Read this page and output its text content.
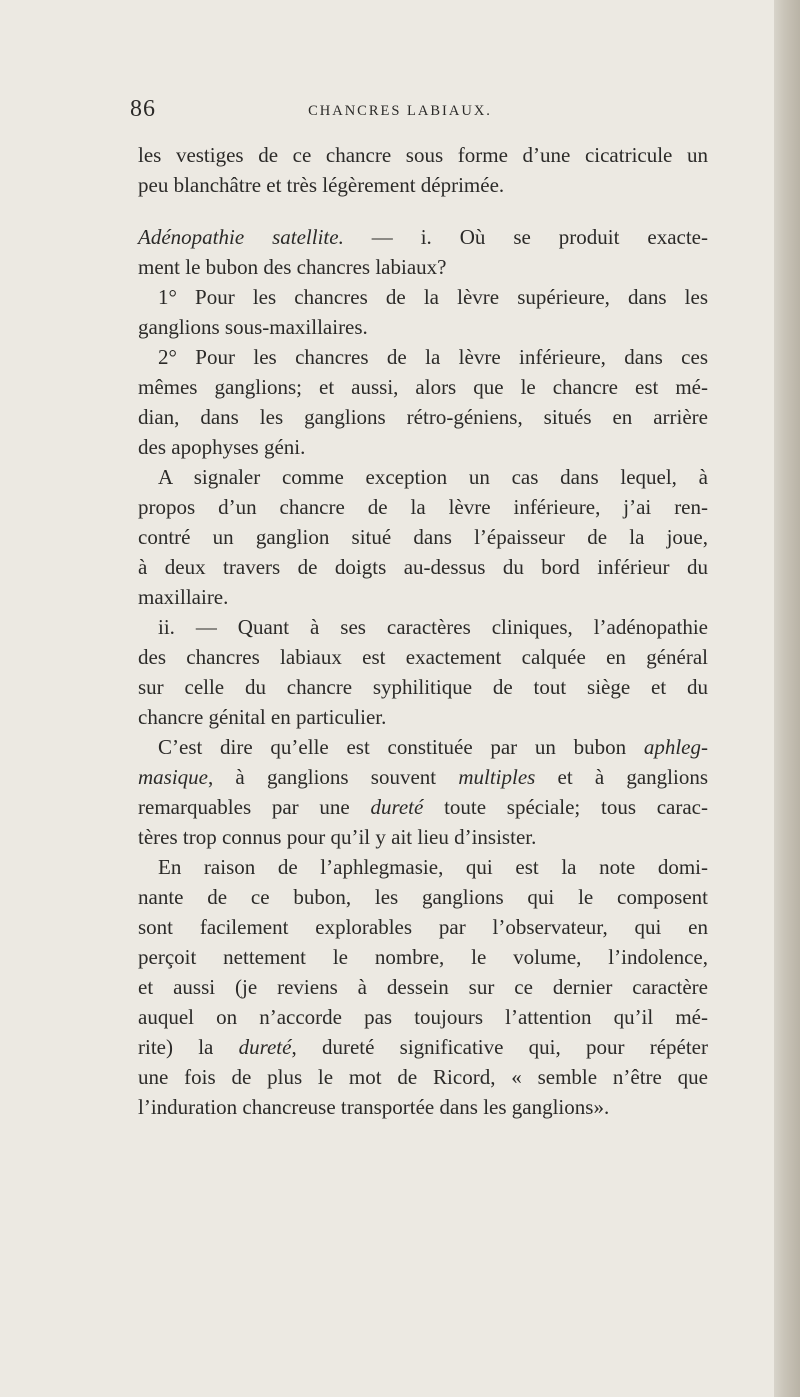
86	CHANCRES LABIAUX.
les vestiges de ce chancre sous forme d’une cicatricule un
peu blanchâtre et très légèrement déprimée.
Adénopathie satellite. — i. Où se produit exacte-
ment le bubon des chancres labiaux?
1° Pour les chancres de la lèvre supérieure, dans les
ganglions sous-maxillaires.
2° Pour les chancres de la lèvre inférieure, dans ces
mêmes ganglions; et aussi, alors que le chancre est mé-
dian, dans les ganglions rétro-géniens, situés en arrière
des apophyses géni.
A signaler comme exception un cas dans lequel, à
propos d’un chancre de la lèvre inférieure, j’ai ren-
contré un ganglion situé dans l’épaisseur de la joue,
à deux travers de doigts au-dessus du bord inférieur du
maxillaire.
ii. — Quant à ses caractères cliniques, l’adénopathie
des chancres labiaux est exactement calquée en général
sur celle du chancre syphilitique de tout siège et du
chancre génital en particulier.
C’est dire qu’elle est constituée par un bubon aphleg-
masique, à ganglions souvent multiples et à ganglions
remarquables par une dureté toute spéciale; tous carac-
tères trop connus pour qu’il y ait lieu d’insister.
En raison de l’aphlegmasie, qui est la note domi-
nante de ce bubon, les ganglions qui le composent
sont facilement explorables par l’observateur, qui en
perçoit nettement le nombre, le volume, l’indolence,
et aussi (je reviens à dessein sur ce dernier caractère
auquel on n’accorde pas toujours l’attention qu’il mé-
rite) la dureté, dureté significative qui, pour répéter
une fois de plus le mot de Ricord, « semble n’être que
l’induration chancreuse transportée dans les ganglions».
